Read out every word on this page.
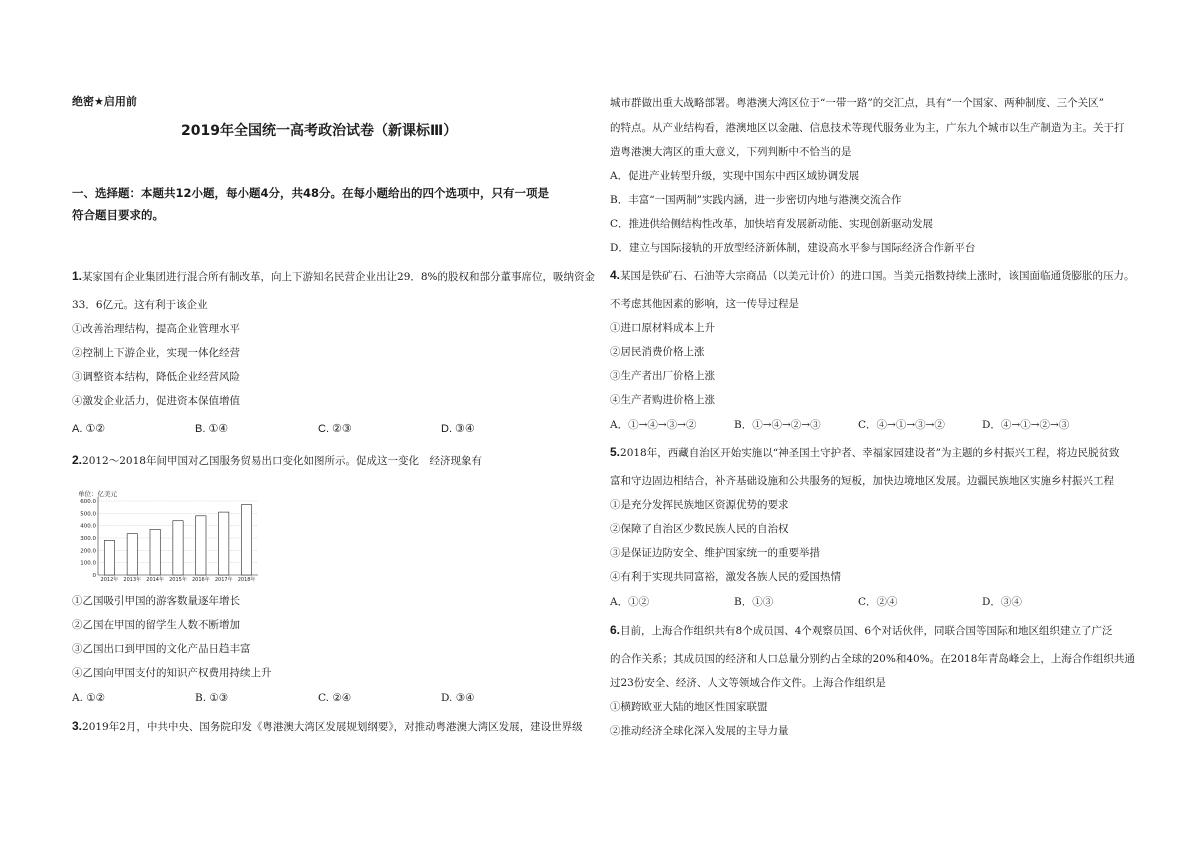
绝密★启用前
2019年全国统一高考政治试卷（新课标Ⅲ）
一、选择题：本题共12小题，每小题4分，共48分。在每小题给出的四个选项中，只有一项是
符合题目要求的。
1.某家国有企业集团进行混合所有制改革，向上下游知名民营企业出让29．8%的股权和部分董事席位，吸纳资金
33．6亿元。这有利于该企业
①改善治理结构，提高企业管理水平
②控制上下游企业，实现一体化经营
③调整资本结构，降低企业经营风险
④激发企业活力，促进资本保值增值
A. ①②	B. ①④	C. ②③	D. ③④
2.2012～2018年间甲国对乙国服务贸易出口变化如图所示。促成这一变化　经济现象有
①乙国吸引甲国的游客数量逐年增长
②乙国在甲国的留学生人数不断增加
③乙国出口到甲国的文化产品日趋丰富
④乙国向甲国支付的知识产权费用持续上升
A. ①②	B. ①③	C. ②④	D. ③④
3.2019年2月，中共中央、国务院印发《粤港澳大湾区发展规划纲要》，对推动粤港澳大湾区发展，建设世界级
单位：亿美元
0
100.0
200.0
300.0
400.0
500.0
600.0
2012年 2013年 2014年 2015年 2016年 2017年 2018年
城市群做出重大战略部署。粤港澳大湾区位于“一带一路”的交汇点，具有“一个国家、两种制度、三个关区”
的特点。从产业结构看，港澳地区以金融、信息技术等现代服务业为主，广东九个城市以生产制造为主。关于打
造粤港澳大湾区的重大意义，下列判断中不恰当的是
A．促进产业转型升级，实现中国东中西区域协调发展
B．丰富“一国两制”实践内涵，进一步密切内地与港澳交流合作
C．推进供给侧结构性改革，加快培育发展新动能、实现创新驱动发展
D．建立与国际接轨的开放型经济新体制，建设高水平参与国际经济合作新平台
4.某国是铁矿石、石油等大宗商品（以美元计价）的进口国。当美元指数持续上涨时，该国面临通货膨胀的压力。
不考虑其他因素的影响，这一传导过程是
①进口原材料成本上升
②居民消费价格上涨
③生产者出厂价格上涨
④生产者购进价格上涨
A．①→④→③→②	B．①→④→②→③	C．④→①→③→②	D．④→①→②→③
5.2018年，西藏自治区开始实施以“神圣国土守护者、幸福家园建设者”为主题的乡村振兴工程，将边民脱贫致
富和守边固边相结合，补齐基础设施和公共服务的短板，加快边境地区发展。边疆民族地区实施乡村振兴工程
①是充分发挥民族地区资源优势的要求
②保障了自治区少数民族人民的自治权
③是保证边防安全、维护国家统一的重要举措
④有利于实现共同富裕，激发各族人民的爱国热情
A．①②	B．①③	C．②④	D．③④
6.目前，上海合作组织共有8个成员国、4个观察员国、6个对话伙伴，同联合国等国际和地区组织建立了广泛
的合作关系；其成员国的经济和人口总量分别约占全球的20%和40%。在2018年青岛峰会上，上海合作组织共通
过23份安全、经济、人文等领域合作文件。上海合作组织是
①横跨欧亚大陆的地区性国家联盟
②推动经济全球化深入发展的主导力量
